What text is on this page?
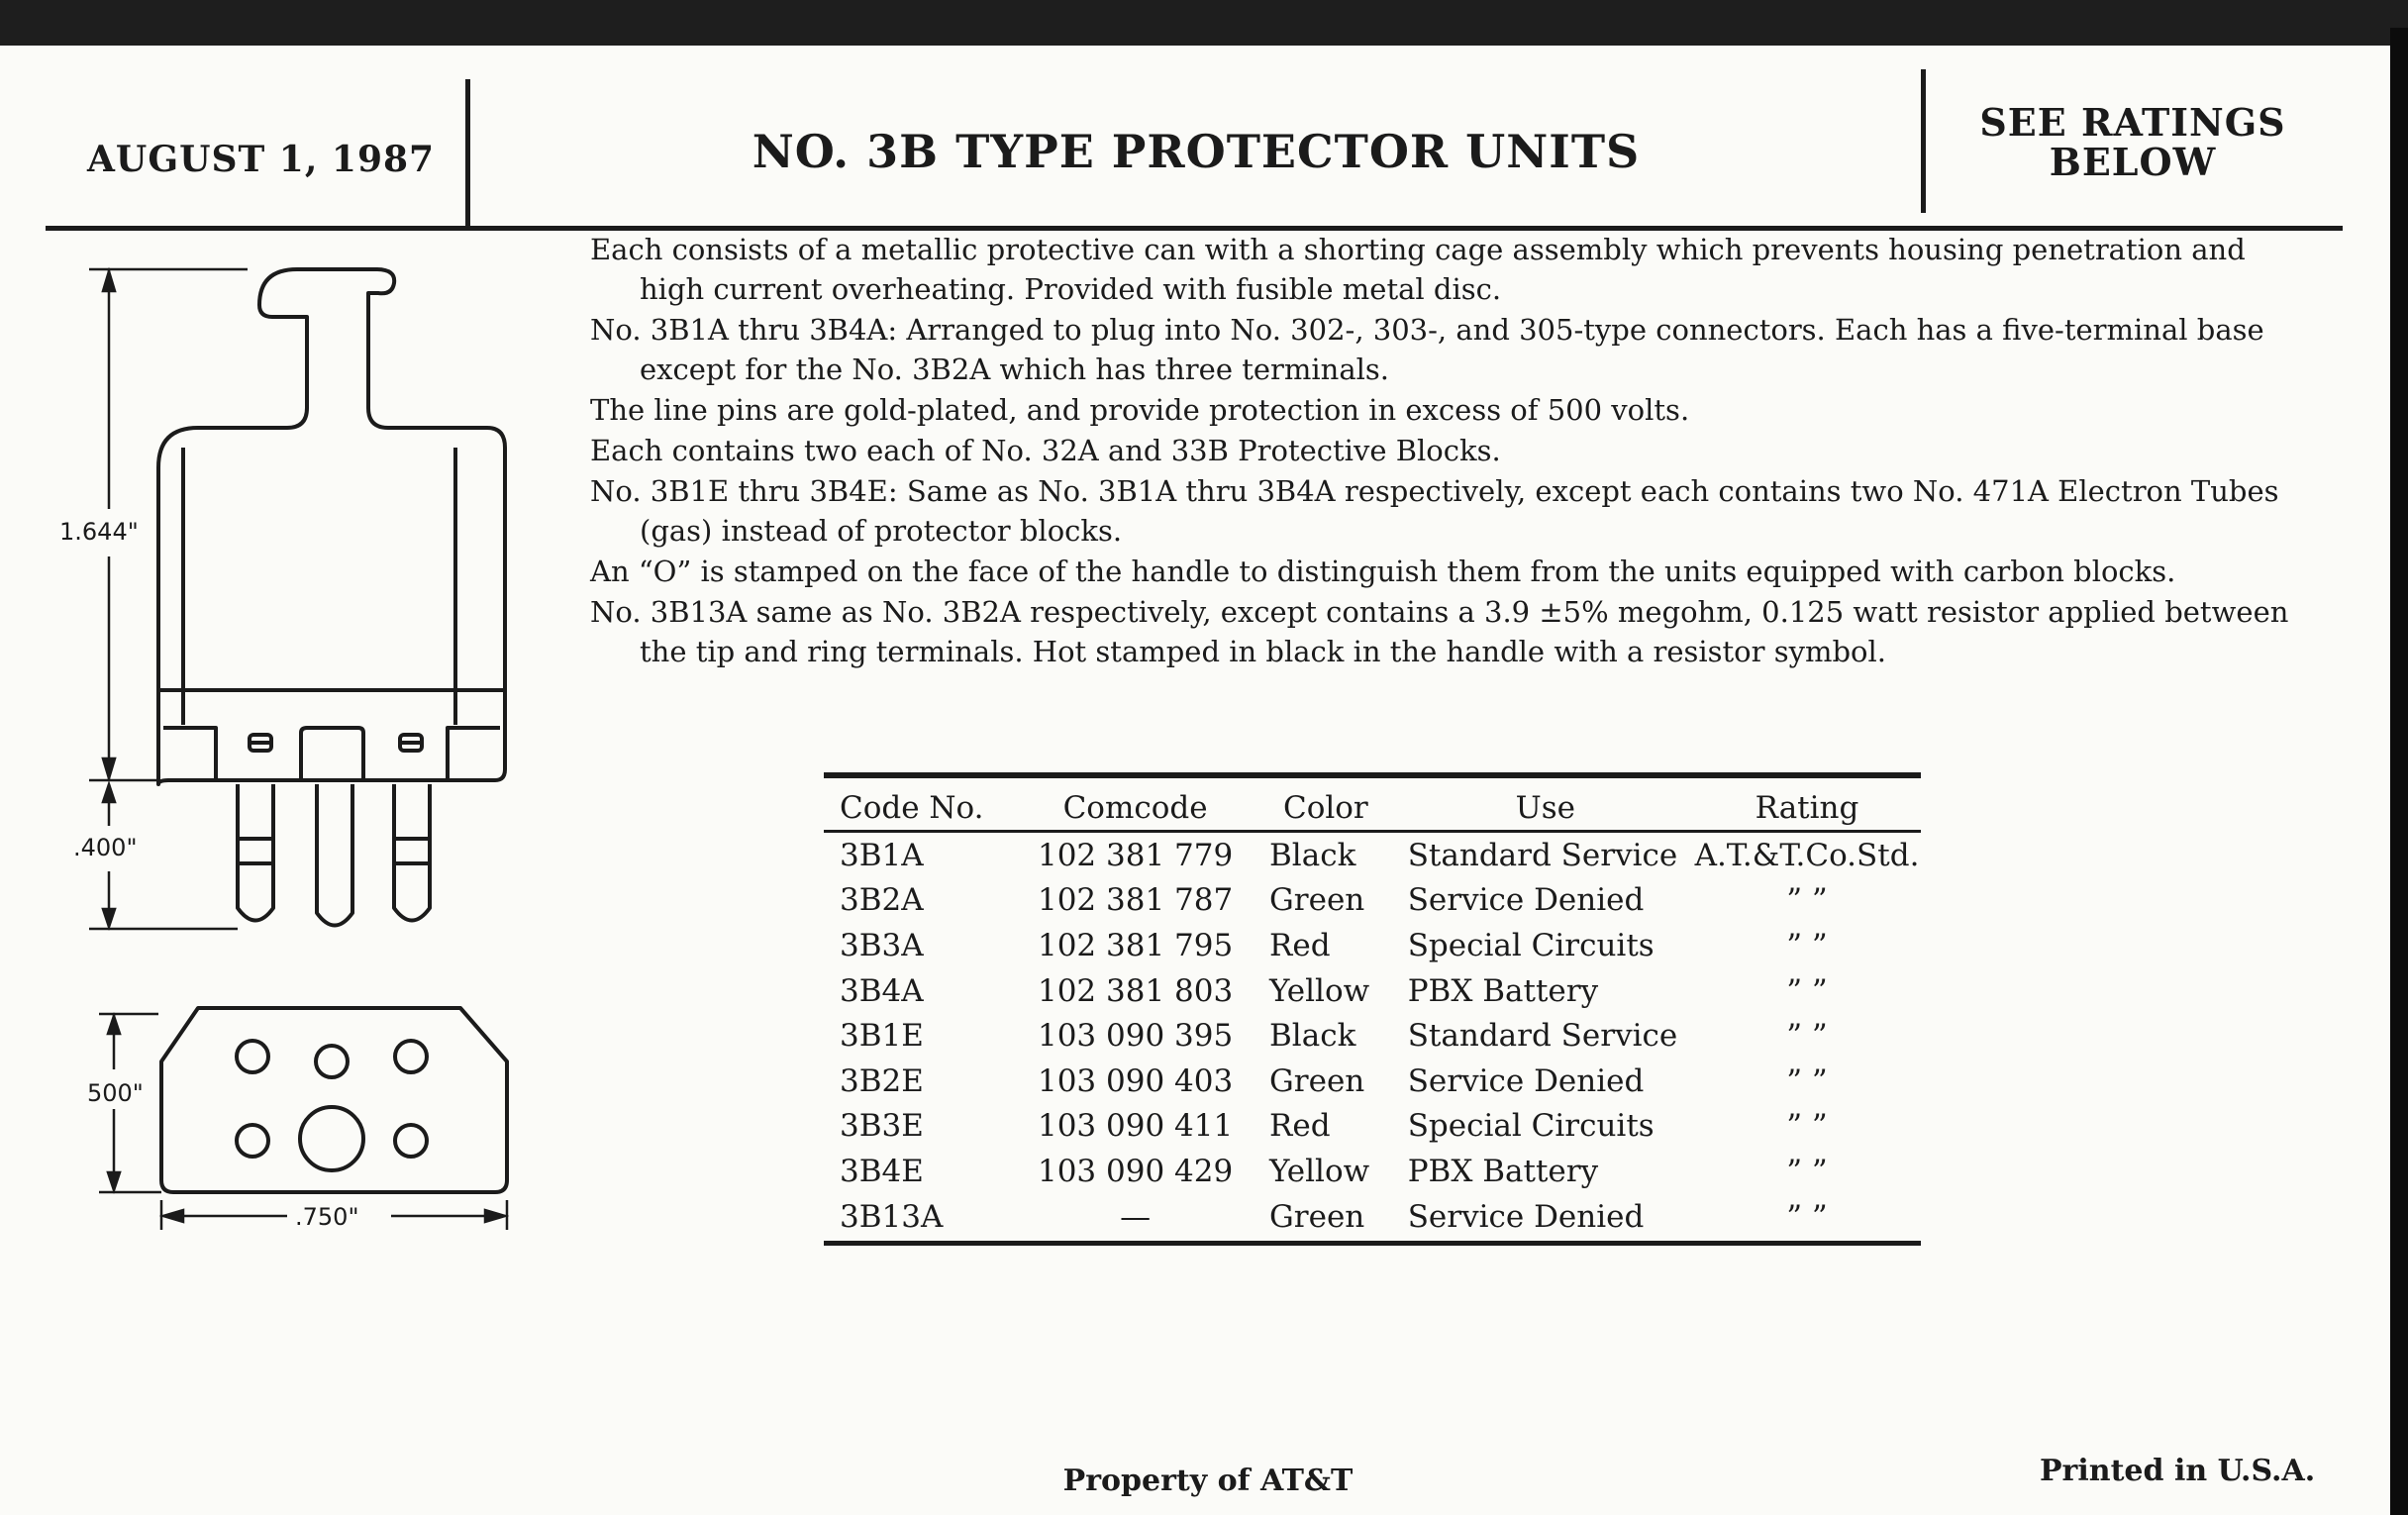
AUGUST 1, 1987	NO. 3B TYPE PROTECTOR UNITS
SEE RATINGS
BELOW
1.644"
.400"
500"
.750"

Each consists of a metallic protective can with a shorting cage assembly which prevents housing penetration and high current overheating. Provided with fusible metal disc.

No. 3B1A thru 3B4A: Arranged to plug into No. 302-, 303-, and 305-type connectors. Each has a five-terminal base except for the No. 3B2A which has three terminals.

The line pins are gold-plated, and provide protection in excess of 500 volts.

Each contains two each of No. 32A and 33B Protective Blocks.

No. 3B1E thru 3B4E: Same as No. 3B1A thru 3B4A respectively, except each contains two No. 471A Electron Tubes (gas) instead of protector blocks.

An “O” is stamped on the face of the handle to distinguish them from the units equipped with carbon blocks.

No. 3B13A same as No. 3B2A respectively, except contains a 3.9 ±5% megohm, 0.125 watt resistor applied between the tip and ring terminals. Hot stamped in black in the handle with a resistor symbol.

Code No.	Comcode	Color	Use	Rating

3B1A	102 381 779	Black	Standard Service	A.T.&T.Co.Std.
3B2A	102 381 787	Green	Service Denied	” ”
3B3A	102 381 795	Red	Special Circuits	” ”
3B4A	102 381 803	Yellow	PBX Battery	” ”
3B1E	103 090 395	Black	Standard Service	” ”
3B2E	103 090 403	Green	Service Denied	” ”
3B3E	103 090 411	Red	Special Circuits	” ”
3B4E	103 090 429	Yellow	PBX Battery	” ”
3B13A	—	Green	Service Denied	” ”
Property of AT&T	Printed in U.S.A.
